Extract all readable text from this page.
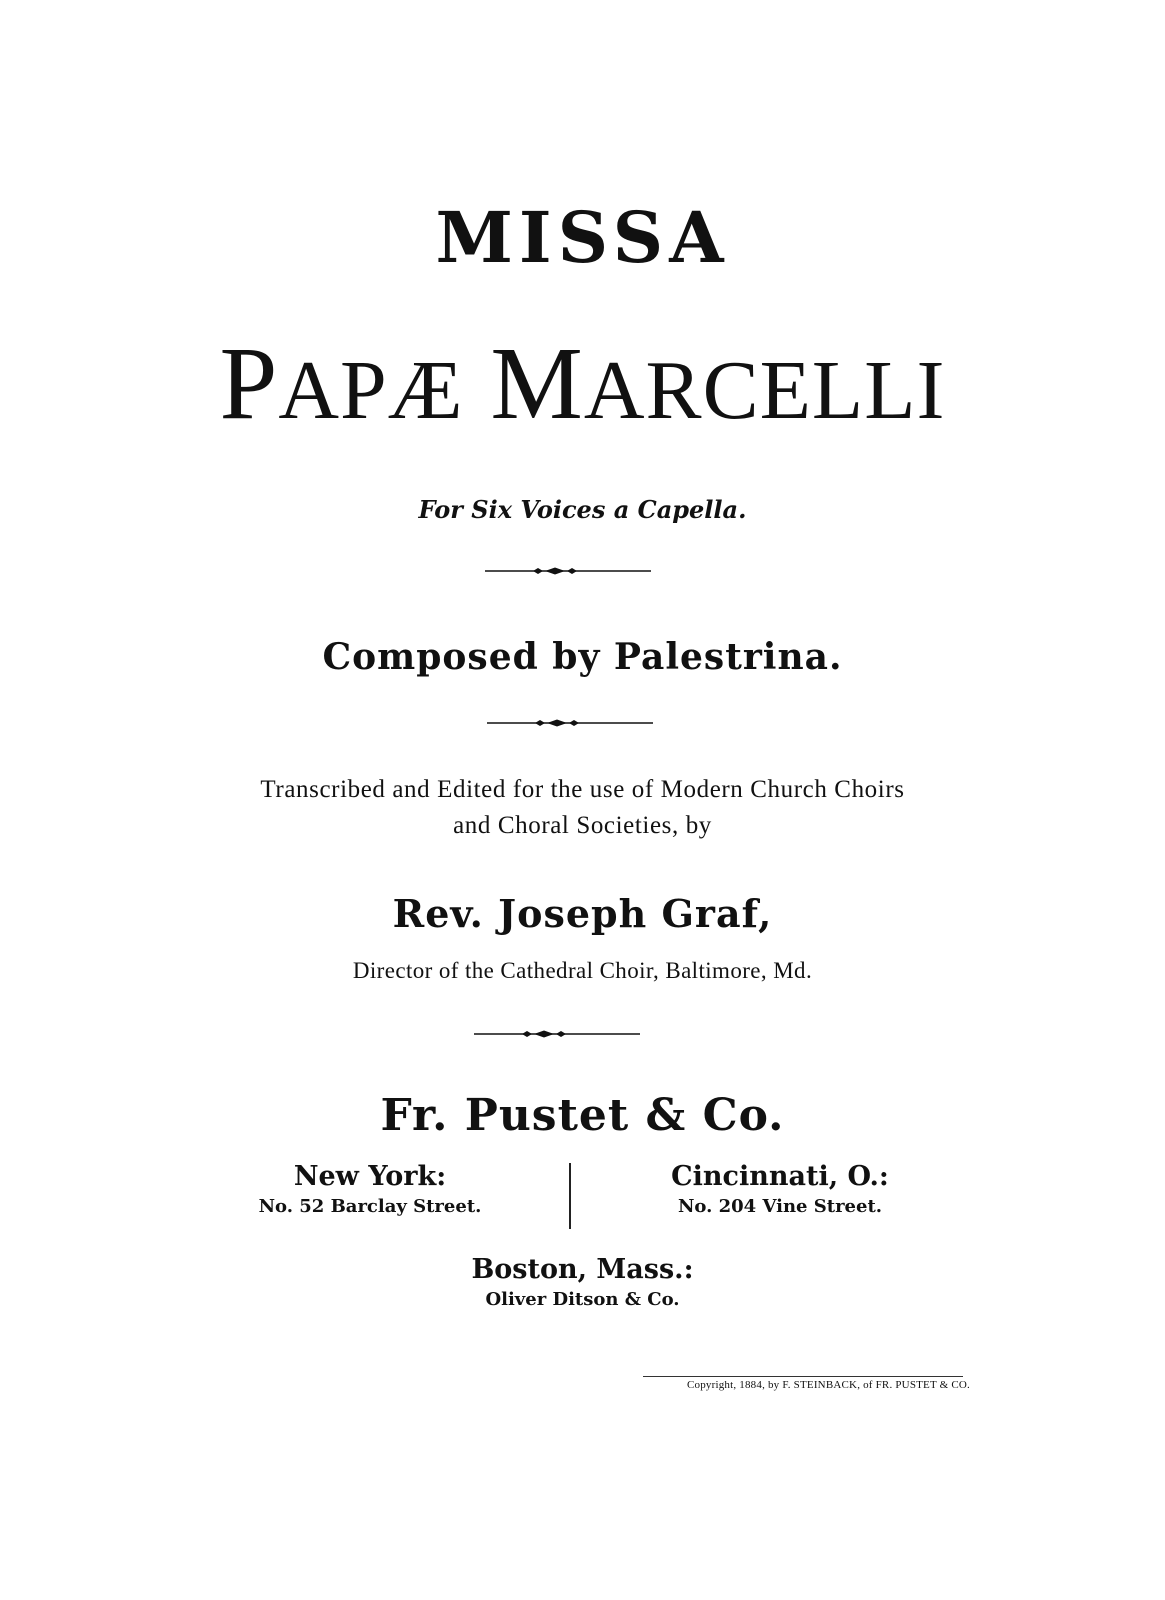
MISSA
PAPÆ MARCELLI
For Six Voices a Capella.
Composed by Palestrina.
Transcribed and Edited for the use of Modern Church Choirs
and Choral Societies, by
Rev. Joseph Graf,
Director of the Cathedral Choir, Baltimore, Md.
Fr. Pustet & Co.
New York:
No. 52 Barclay Street.
Cincinnati, O.:
No. 204 Vine Street.
Boston, Mass.:
Oliver Ditson & Co.
Copyright, 1884, by F. STEINBACK, of FR. PUSTET & CO.
